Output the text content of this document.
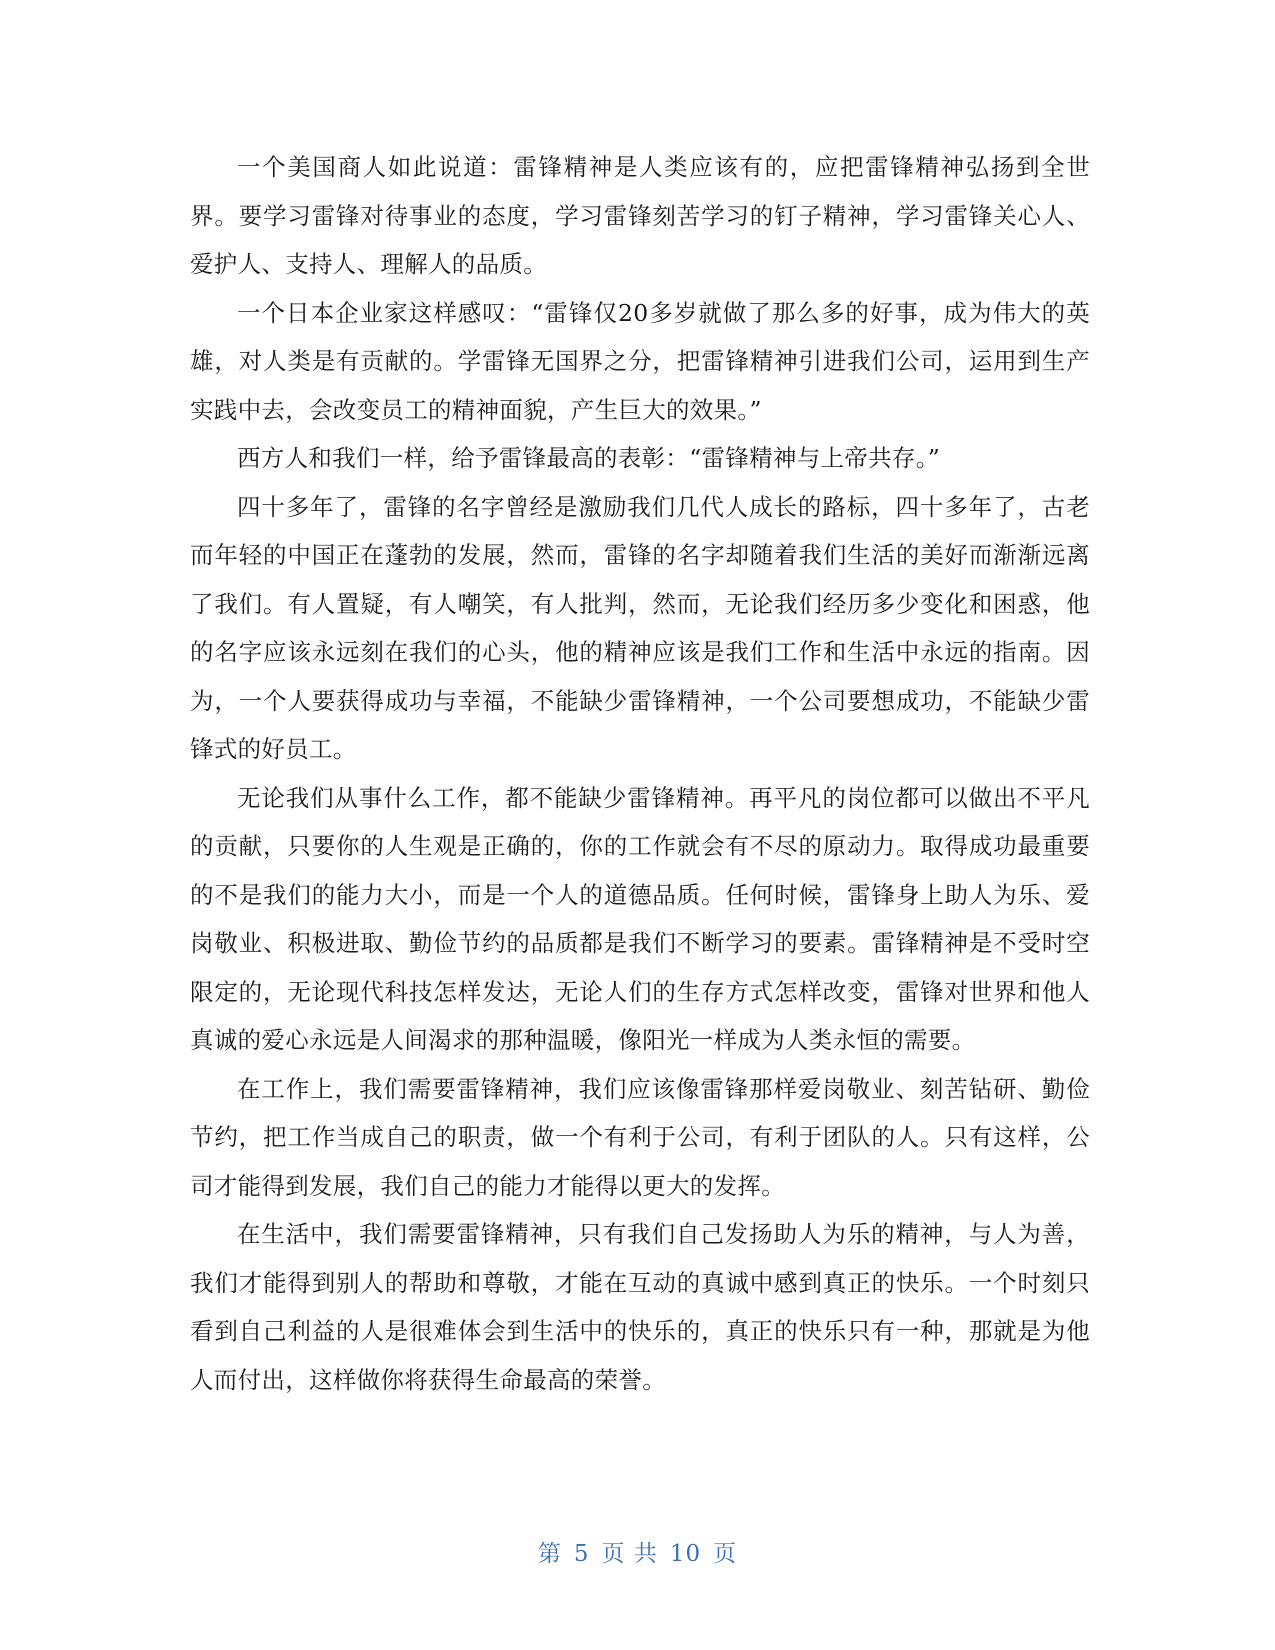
一个美国商人如此说道：雷锋精神是人类应该有的，应把雷锋精神弘扬到全世界。要学习雷锋对待事业的态度，学习雷锋刻苦学习的钉子精神，学习雷锋关心人、爱护人、支持人、理解人的品质。

一个日本企业家这样感叹：“雷锋仅20多岁就做了那么多的好事，成为伟大的英雄，对人类是有贡献的。学雷锋无国界之分，把雷锋精神引进我们公司，运用到生产实践中去，会改变员工的精神面貌，产生巨大的效果。”

西方人和我们一样，给予雷锋最高的表彰：“雷锋精神与上帝共存。”

四十多年了，雷锋的名字曾经是激励我们几代人成长的路标，四十多年了，古老而年轻的中国正在蓬勃的发展，然而，雷锋的名字却随着我们生活的美好而渐渐远离了我们。有人置疑，有人嘲笑，有人批判，然而，无论我们经历多少变化和困惑，他的名字应该永远刻在我们的心头，他的精神应该是我们工作和生活中永远的指南。因为，一个人要获得成功与幸福，不能缺少雷锋精神，一个公司要想成功，不能缺少雷锋式的好员工。

无论我们从事什么工作，都不能缺少雷锋精神。再平凡的岗位都可以做出不平凡的贡献，只要你的人生观是正确的，你的工作就会有不尽的原动力。取得成功最重要的不是我们的能力大小，而是一个人的道德品质。任何时候，雷锋身上助人为乐、爱岗敬业、积极进取、勤俭节约的品质都是我们不断学习的要素。雷锋精神是不受时空限定的，无论现代科技怎样发达，无论人们的生存方式怎样改变，雷锋对世界和他人真诚的爱心永远是人间渴求的那种温暖，像阳光一样成为人类永恒的需要。

在工作上，我们需要雷锋精神，我们应该像雷锋那样爱岗敬业、刻苦钻研、勤俭节约，把工作当成自己的职责，做一个有利于公司，有利于团队的人。只有这样，公司才能得到发展，我们自己的能力才能得以更大的发挥。

在生活中，我们需要雷锋精神，只有我们自己发扬助人为乐的精神，与人为善，我们才能得到别人的帮助和尊敬，才能在互动的真诚中感到真正的快乐。一个时刻只看到自己利益的人是很难体会到生活中的快乐的，真正的快乐只有一种，那就是为他人而付出，这样做你将获得生命最高的荣誉。

第 5 页 共 10 页
